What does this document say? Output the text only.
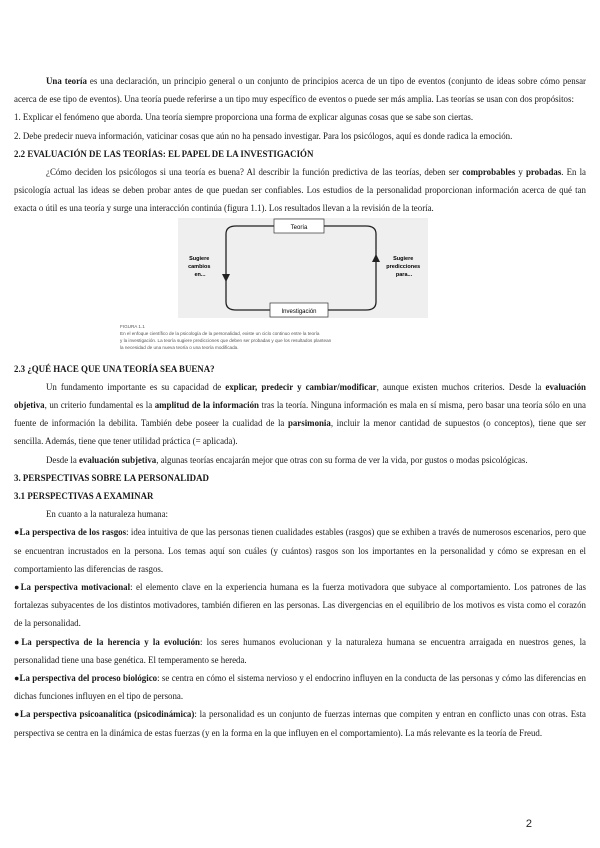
Una teoría es una declaración, un principio general o un conjunto de principios acerca de un tipo de eventos (conjunto de ideas sobre cómo pensar acerca de ese tipo de eventos). Una teoría puede referirse a un tipo muy específico de eventos o puede ser más amplia. Las teorías se usan con dos propósitos:

1. Explicar el fenómeno que aborda. Una teoría siempre proporciona una forma de explicar algunas cosas que se sabe son ciertas.

2. Debe predecir nueva información, vaticinar cosas que aún no ha pensado investigar. Para los psicólogos, aquí es donde radica la emoción.

2.2 EVALUACIÓN DE LAS TEORÍAS: EL PAPEL DE LA INVESTIGACIÓN

¿Cómo deciden los psicólogos si una teoría es buena? Al describir la función predictiva de las teorías, deben ser comprobables y probadas. En la psicología actual las ideas se deben probar antes de que puedan ser confiables. Los estudios de la personalidad proporcionan información acerca de qué tan exacta o útil es una teoría y surge una interacción continúa (figura 1.1). Los resultados llevan a la revisión de la teoría.

Teoría
Investigación
Sugiere cambios en...
Sugiere predicciones para...
FIGURA 1.1 En el enfoque científico de la psicología de la personalidad, existe un ciclo continuo entre la teoría y la investigación. La teoría sugiere predicciones que deben ser probadas y que los resultados plantean la necesidad de una nueva teoría o una teoría modificada.

2.3 ¿QUÉ HACE QUE UNA TEORÍA SEA BUENA?

Un fundamento importante es su capacidad de explicar, predecir y cambiar/modificar, aunque existen muchos criterios. Desde la evaluación objetiva, un criterio fundamental es la amplitud de la información tras la teoría. Ninguna información es mala en sí misma, pero basar una teoría sólo en una fuente de información la debilita. También debe poseer la cualidad de la parsimonia, incluir la menor cantidad de supuestos (o conceptos), tiene que ser sencilla. Además, tiene que tener utilidad práctica (= aplicada).

Desde la evaluación subjetiva, algunas teorías encajarán mejor que otras con su forma de ver la vida, por gustos o modas psicológicas.

3. PERSPECTIVAS SOBRE LA PERSONALIDAD

3.1 PERSPECTIVAS A EXAMINAR

En cuanto a la naturaleza humana:

●La perspectiva de los rasgos: idea intuitiva de que las personas tienen cualidades estables (rasgos) que se exhiben a través de numerosos escenarios, pero que se encuentran incrustados en la persona. Los temas aquí son cuáles (y cuántos) rasgos son los importantes en la personalidad y cómo se expresan en el comportamiento las diferencias de rasgos.

●La perspectiva motivacional: el elemento clave en la experiencia humana es la fuerza motivadora que subyace al comportamiento. Los patrones de las fortalezas subyacentes de los distintos motivadores, también difieren en las personas. Las divergencias en el equilibrio de los motivos es vista como el corazón de la personalidad.

●La perspectiva de la herencia y la evolución: los seres humanos evolucionan y la naturaleza humana se encuentra arraigada en nuestros genes, la personalidad tiene una base genética. El temperamento se hereda.

●La perspectiva del proceso biológico: se centra en cómo el sistema nervioso y el endocrino influyen en la conducta de las personas y cómo las diferencias en dichas funciones influyen en el tipo de persona.

●La perspectiva psicoanalítica (psicodinámica): la personalidad es un conjunto de fuerzas internas que compiten y entran en conflicto unas con otras. Esta perspectiva se centra en la dinámica de estas fuerzas (y en la forma en la que influyen en el comportamiento). La más relevante es la teoría de Freud.

2
